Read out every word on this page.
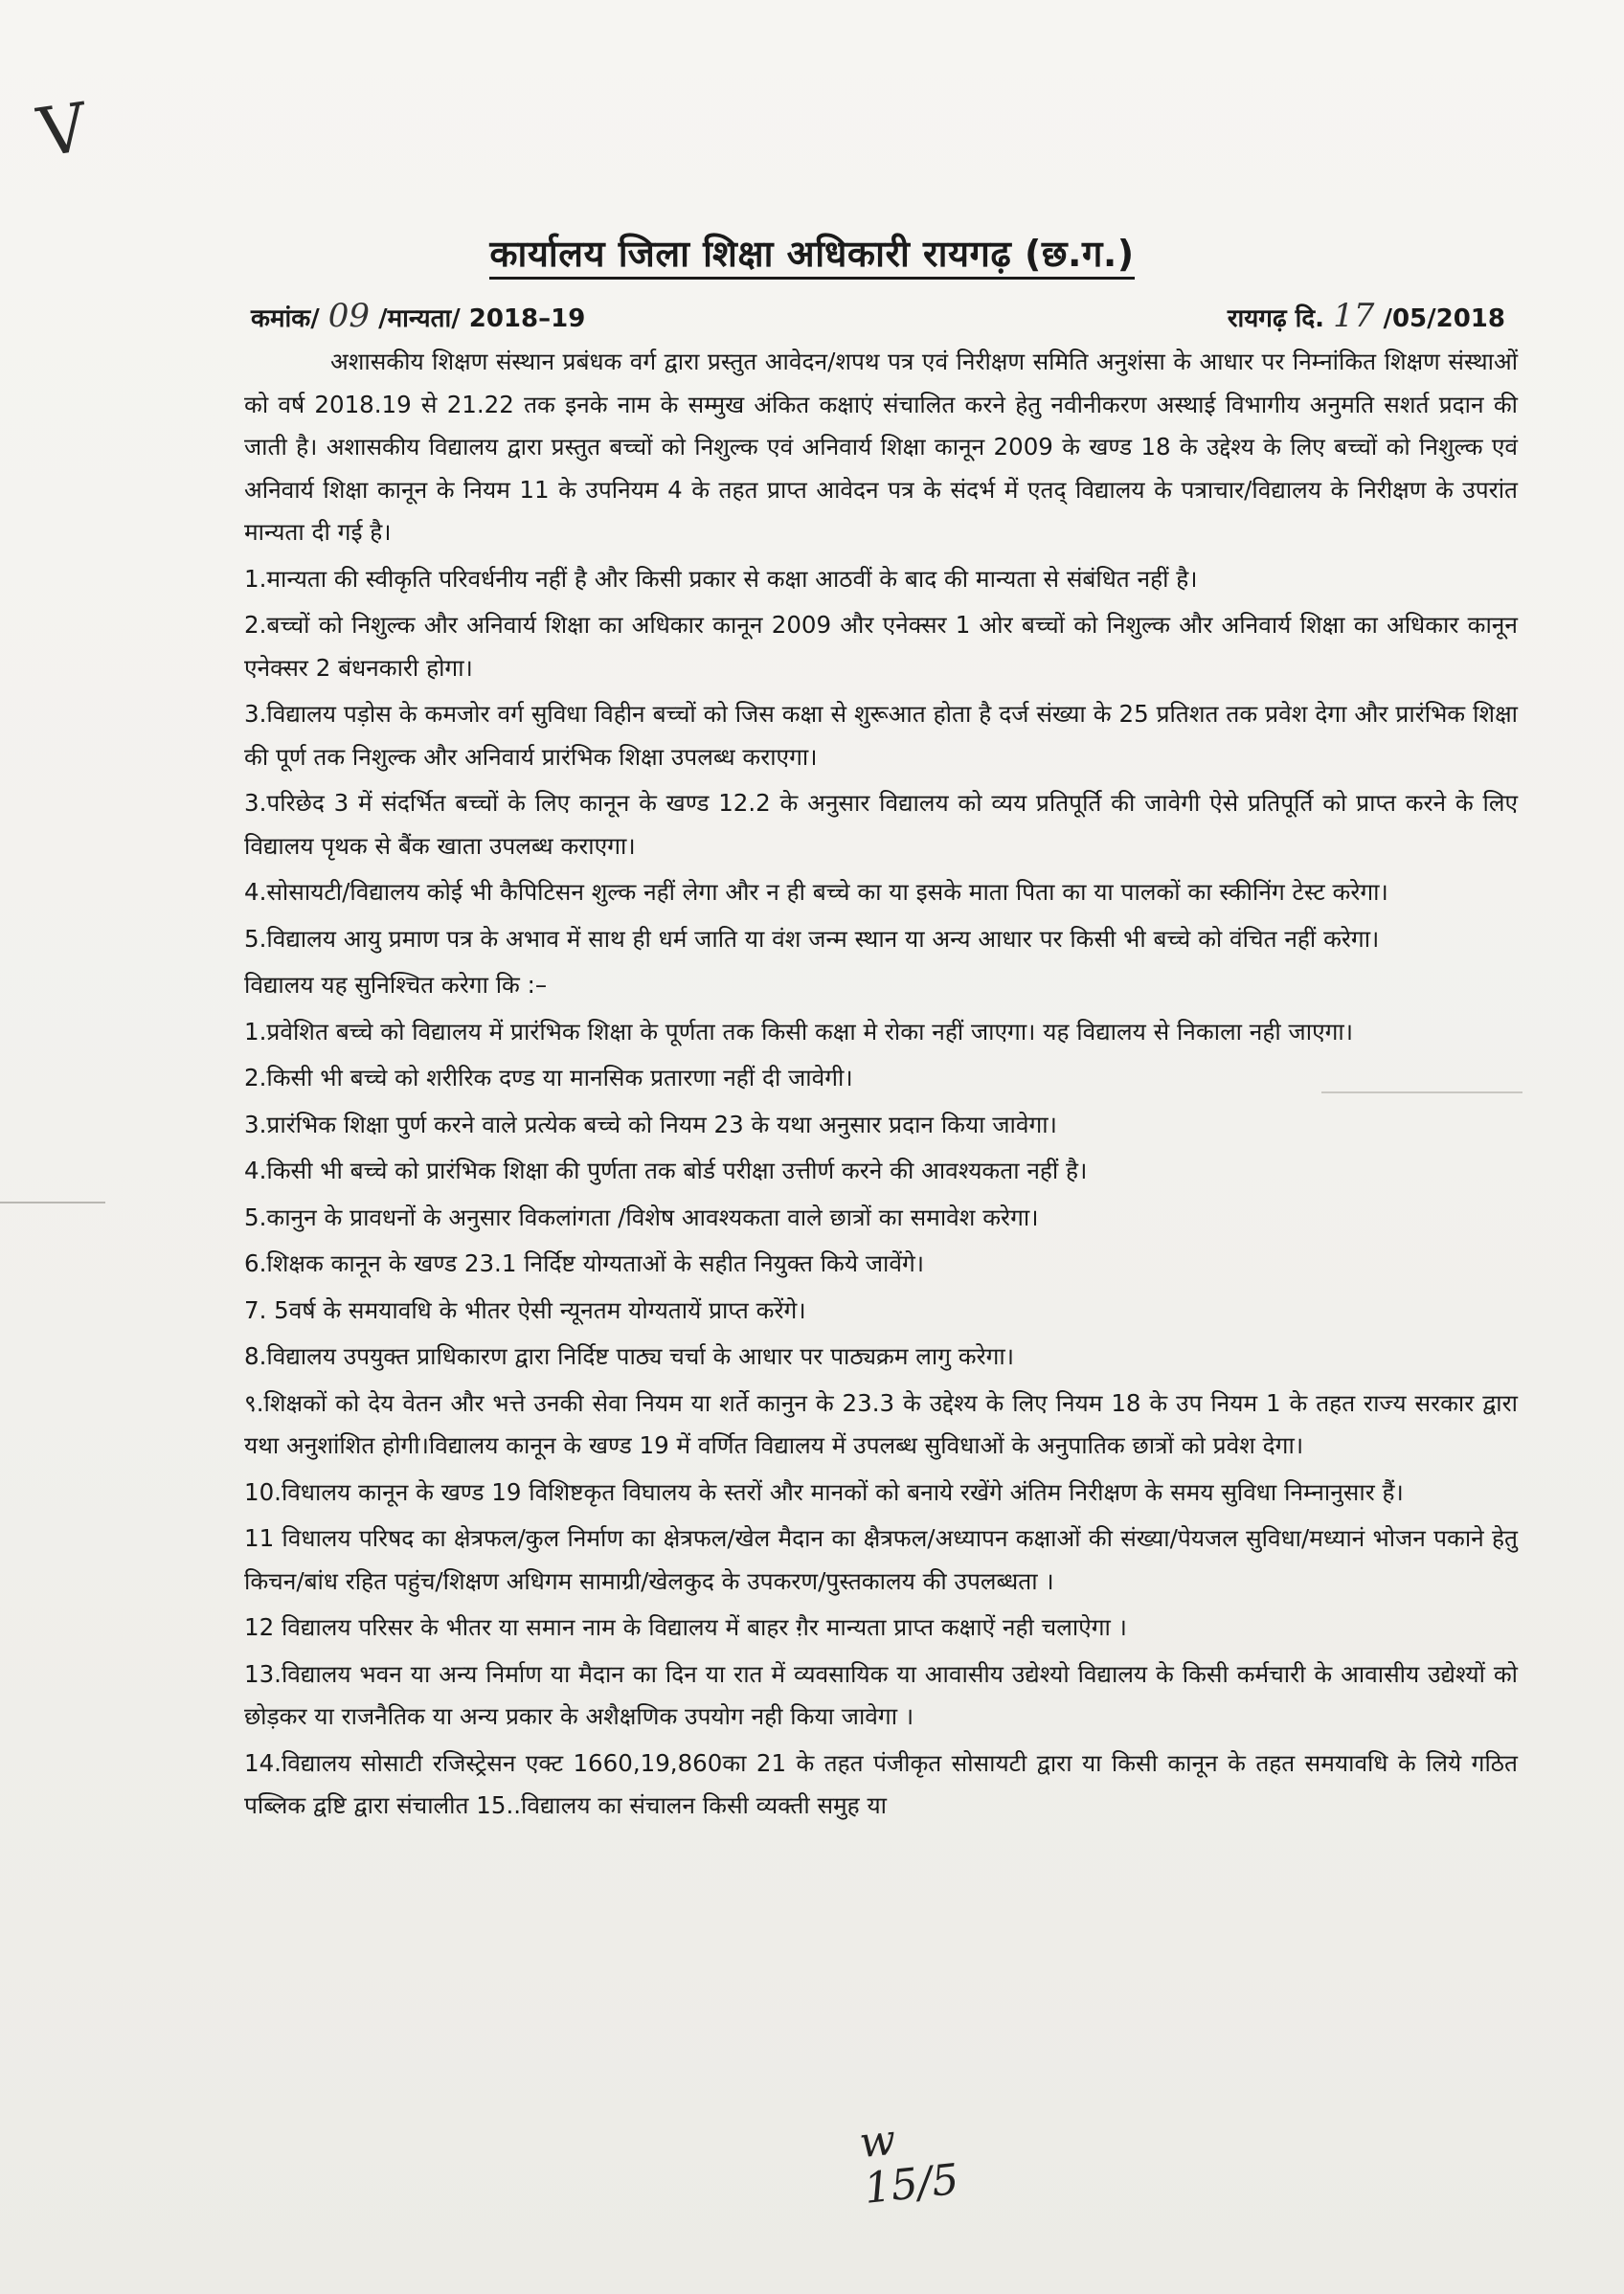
V
कार्यालय जिला शिक्षा अधिकारी रायगढ़ (छ.ग.)
कमांक/ 09 /मान्यता/ 2018–19	रायगढ़ दि. 17 /05/2018

अशासकीय शिक्षण संस्थान प्रबंधक वर्ग द्वारा प्रस्तुत आवेदन/शपथ पत्र एवं निरीक्षण समिति अनुशंसा के आधार पर निम्नांकित शिक्षण संस्थाओं को वर्ष 2018.19 से 21.22 तक इनके नाम के सम्मुख अंकित कक्षाएं संचालित करने हेतु नवीनीकरण अस्थाई विभागीय अनुमति सशर्त प्रदान की जाती है। अशासकीय विद्यालय द्वारा प्रस्तुत बच्चों को निशुल्क एवं अनिवार्य शिक्षा कानून 2009 के खण्ड 18 के उद्देश्य के लिए बच्चों को निशुल्क एवं अनिवार्य शिक्षा कानून के नियम 11 के उपनियम 4 के तहत प्राप्त आवेदन पत्र के संदर्भ में एतद् विद्यालय के पत्राचार/विद्यालय के निरीक्षण के उपरांत मान्यता दी गई है।

1.मान्यता की स्वीकृति परिवर्धनीय नहीं है और किसी प्रकार से कक्षा आठवीं के बाद की मान्यता से संबंधित नहीं है।

2.बच्चों को निशुल्क और अनिवार्य शिक्षा का अधिकार कानून 2009 और एनेक्सर 1 ओर बच्चों को निशुल्क और अनिवार्य शिक्षा का अधिकार कानून एनेक्सर 2 बंधनकारी होगा।

3.विद्यालय पड़ोस के कमजोर वर्ग सुविधा विहीन बच्चों को जिस कक्षा से शुरूआत होता है दर्ज संख्या के 25 प्रतिशत तक प्रवेश देगा और प्रारंभिक शिक्षा की पूर्ण तक निशुल्क और अनिवार्य प्रारंभिक शिक्षा उपलब्ध कराएगा।

3.परिछेद 3 में संदर्भित बच्चों के लिए कानून के खण्ड 12.2 के अनुसार विद्यालय को व्यय प्रतिपूर्ति की जावेगी ऐसे प्रतिपूर्ति को प्राप्त करने के लिए विद्यालय पृथक से बैंक खाता उपलब्ध कराएगा।

4.सोसायटी/विद्यालय कोई भी कैपिटिसन शुल्क नहीं लेगा और न ही बच्चे का या इसके माता पिता का या पालकों का स्कीनिंग टेस्ट करेगा।

5.विद्यालय आयु प्रमाण पत्र के अभाव में साथ ही धर्म जाति या वंश जन्म स्थान या अन्य आधार पर किसी भी बच्चे को वंचित नहीं करेगा।

विद्यालय यह सुनिश्चित करेगा कि :–

1.प्रवेशित बच्चे को विद्यालय में प्रारंभिक शिक्षा के पूर्णता तक किसी कक्षा मे रोका नहीं जाएगा। यह विद्यालय से निकाला नही जाएगा।

2.किसी भी बच्चे को शरीरिक दण्ड या मानसिक प्रतारणा नहीं दी जावेगी।

3.प्रारंभिक शिक्षा पुर्ण करने वाले प्रत्येक बच्चे को नियम 23 के यथा अनुसार प्रदान किया जावेगा।

4.किसी भी बच्चे को प्रारंभिक शिक्षा की पुर्णता तक बोर्ड परीक्षा उत्तीर्ण करने की आवश्यकता नहीं है।

5.कानुन के प्रावधनों के अनुसार विकलांगता /विशेष आवश्यकता वाले छात्रों का समावेश करेगा।

6.शिक्षक कानून के खण्ड 23.1 निर्दिष्ट योग्यताओं के सहीत नियुक्त किये जावेंगे।

7. 5वर्ष के समयावधि के भीतर ऐसी न्यूनतम योग्यतायें प्राप्त करेंगे।

8.विद्यालय उपयुक्त प्राधिकारण द्वारा निर्दिष्ट पाठ्य चर्चा के आधार पर पाठ्यक्रम लागु करेगा।

९.शिक्षकों को देय वेतन और भत्ते उनकी सेवा नियम या शर्ते कानुन के 23.3 के उद्देश्य के लिए नियम 18 के उप नियम 1 के तहत राज्य सरकार द्वारा यथा अनुशांशित होगी।विद्यालय कानून के खण्ड 19 में वर्णित विद्यालय में उपलब्ध सुविधाओं के अनुपातिक छात्रों को प्रवेश देगा।

10.विधालय कानून के खण्ड 19 विशिष्टकृत विघालय के स्तरों और मानकों को बनाये रखेंगे अंतिम निरीक्षण के समय सुविधा निम्नानुसार हैं।

11 विधालय परिषद का क्षेत्रफल/कुल निर्माण का क्षेत्रफल/खेल मैदान का क्षैत्रफल/अध्यापन कक्षाओं की संख्या/पेयजल सुविधा/मध्यानं भोजन पकाने हेतु किचन/बांध रहित पहुंच/शिक्षण अधिगम सामाग्री/खेलकुद के उपकरण/पुस्तकालय की उपलब्धता ।

12 विद्यालय परिसर के भीतर या समान नाम के विद्यालय में बाहर ग़ैर मान्यता प्राप्त कक्षाऐं नही चलाऐगा ।

13.विद्यालय भवन या अन्य निर्माण या मैदान का दिन या रात में व्यवसायिक या आवासीय उद्येश्यो विद्यालय के किसी कर्मचारी के आवासीय उद्येश्यों को छोड़कर या राजनैतिक या अन्य प्रकार के अशैक्षणिक उपयोग नही किया जावेगा ।

14.विद्यालय सोसाटी रजिस्ट्रेसन एक्ट 1660,19,860का 21 के तहत पंजीकृत सोसायटी द्वारा या किसी कानून के तहत समयावधि के लिये गठित पब्लिक द्वष्टि द्वारा संचालीत 15..विद्यालय का संचालन किसी व्यक्ती समुह या

w
15/5
